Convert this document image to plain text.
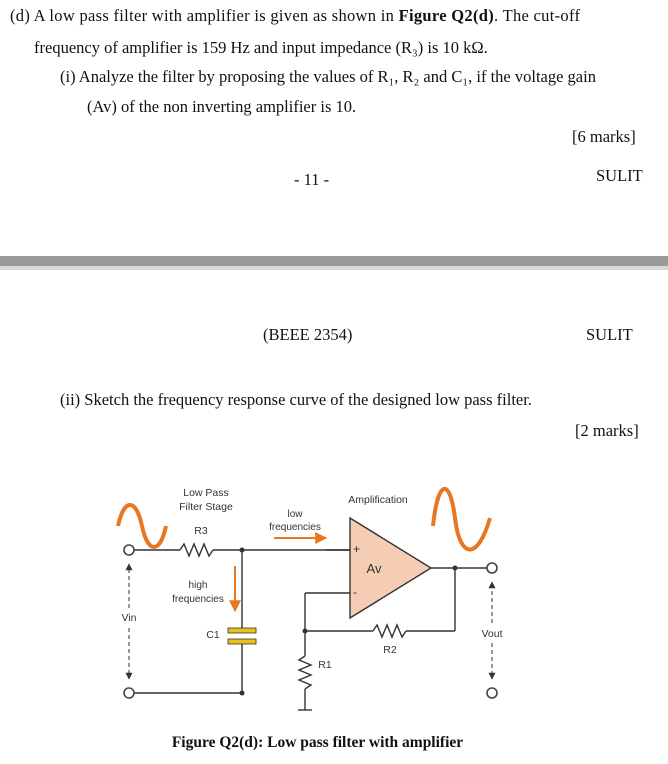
(d) A low pass filter with amplifier is given as shown in Figure Q2(d). The cut-off
frequency of amplifier is 159 Hz and input impedance (R₃) is 10 kΩ.
(i) Analyze the filter by proposing the values of R₁, R₂ and C₁, if the voltage gain
(Av) of the non inverting amplifier is 10.
[6 marks]
- 11 -	SULIT
(BEEE 2354)	SULIT
(ii) Sketch the frequency response curve of the designed low pass filter.
[2 marks]
Low Pass
Filter Stage
R3
low
frequencies
high
frequencies
Amplification
Av
+
-
Vin
C1
R1
R2
Vout
Figure Q2(d): Low pass filter with amplifier
